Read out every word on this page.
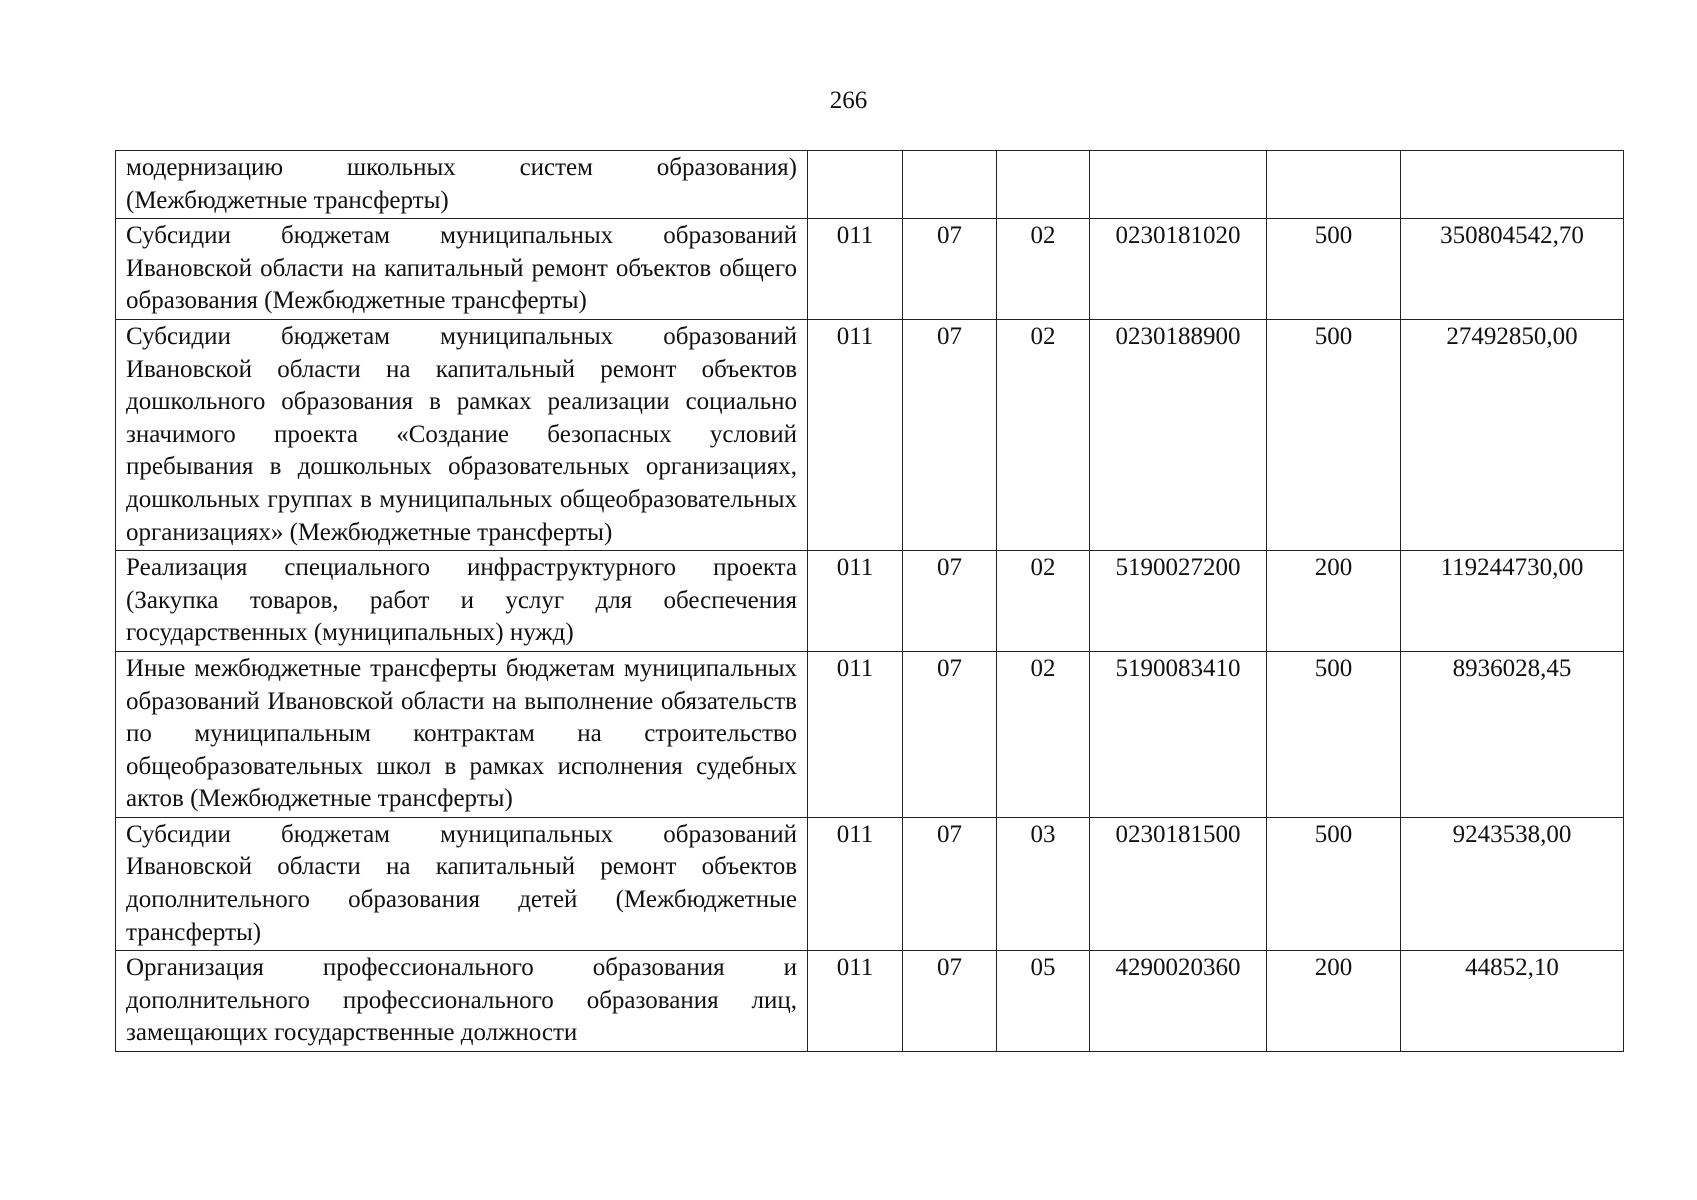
266
модернизацию школьных систем образования) (Межбюджетные трансферты)						
Субсидии бюджетам муниципальных образований Ивановской области на капитальный ремонт объектов общего образования (Межбюджетные трансферты)	011	07	02	0230181020	500	350804542,70
Субсидии бюджетам муниципальных образований Ивановской области на капитальный ремонт объектов дошкольного образования в рамках реализации социально значимого проекта «Создание безопасных условий пребывания в дошкольных образовательных организациях, дошкольных группах в муниципальных общеобразовательных организациях» (Межбюджетные трансферты)	011	07	02	0230188900	500	27492850,00
Реализация специального инфраструктурного проекта (Закупка товаров, работ и услуг для обеспечения государственных (муниципальных) нужд)	011	07	02	5190027200	200	119244730,00
Иные межбюджетные трансферты бюджетам муниципальных образований Ивановской области на выполнение обязательств по муниципальным контрактам на строительство общеобразовательных школ в рамках исполнения судебных актов (Межбюджетные трансферты)	011	07	02	5190083410	500	8936028,45
Субсидии бюджетам муниципальных образований Ивановской области на капитальный ремонт объектов дополнительного образования детей (Межбюджетные трансферты)	011	07	03	0230181500	500	9243538,00
Организация профессионального образования и дополнительного профессионального образования лиц, замещающих государственные должности	011	07	05	4290020360	200	44852,10
